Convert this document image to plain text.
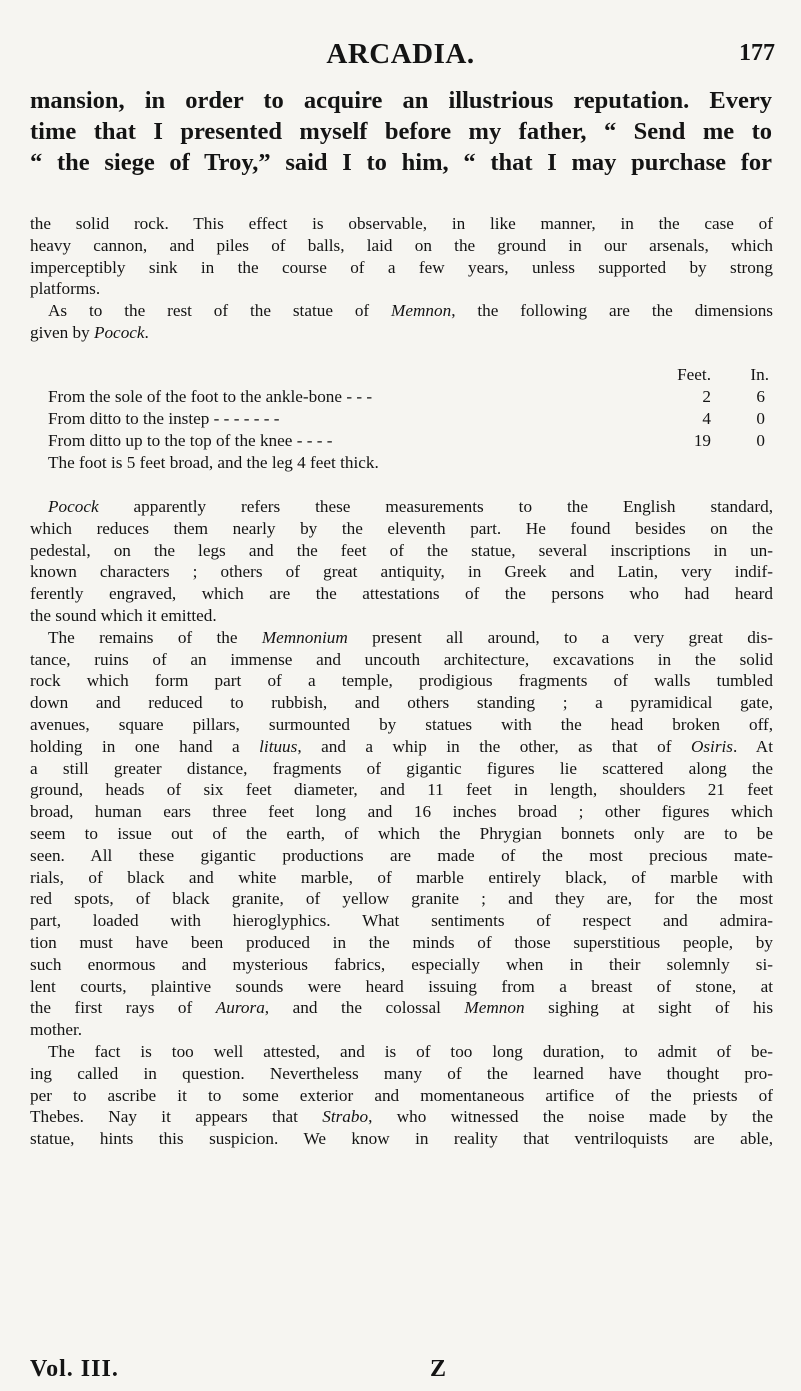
ARCADIA.	177
mansion, in order to acquire an illustrious reputation. Every
time that I presented myself before my father, “ Send me to
“ the siege of Troy,” said I to him, “ that I may purchase for
the solid rock. This effect is observable, in like manner, in the case of
heavy cannon, and piles of balls, laid on the ground in our arsenals, which
imperceptibly sink in the course of a few years, unless supported by strong
platforms.
As to the rest of the statue of Memnon, the following are the dimensions
given by Pocock.
Feet. In.
From the sole of the foot to the ankle-bone - - -	2	6
From ditto to the instep - - - - - - -	4	0
From ditto up to the top of the knee - - - -	19	0
The foot is 5 feet broad, and the leg 4 feet thick.
Pocock apparently refers these measurements to the English standard,
which reduces them nearly by the eleventh part. He found besides on the
pedestal, on the legs and the feet of the statue, several inscriptions in un-
known characters ; others of great antiquity, in Greek and Latin, very indif-
ferently engraved, which are the attestations of the persons who had heard
the sound which it emitted.
The remains of the Memnonium present all around, to a very great dis-
tance, ruins of an immense and uncouth architecture, excavations in the solid
rock which form part of a temple, prodigious fragments of walls tumbled
down and reduced to rubbish, and others standing ; a pyramidical gate,
avenues, square pillars, surmounted by statues with the head broken off,
holding in one hand a lituus, and a whip in the other, as that of Osiris. At
a still greater distance, fragments of gigantic figures lie scattered along the
ground, heads of six feet diameter, and 11 feet in length, shoulders 21 feet
broad, human ears three feet long and 16 inches broad ; other figures which
seem to issue out of the earth, of which the Phrygian bonnets only are to be
seen. All these gigantic productions are made of the most precious mate-
rials, of black and white marble, of marble entirely black, of marble with
red spots, of black granite, of yellow granite ; and they are, for the most
part, loaded with hieroglyphics. What sentiments of respect and admira-
tion must have been produced in the minds of those superstitious people, by
such enormous and mysterious fabrics, especially when in their solemnly si-
lent courts, plaintive sounds were heard issuing from a breast of stone, at
the first rays of Aurora, and the colossal Memnon sighing at sight of his
mother.
The fact is too well attested, and is of too long duration, to admit of be-
ing called in question. Nevertheless many of the learned have thought pro-
per to ascribe it to some exterior and momentaneous artifice of the priests of
Thebes. Nay it appears that Strabo, who witnessed the noise made by the
statue, hints this suspicion. We know in reality that ventriloquists are able,
Vol. III.	Z
